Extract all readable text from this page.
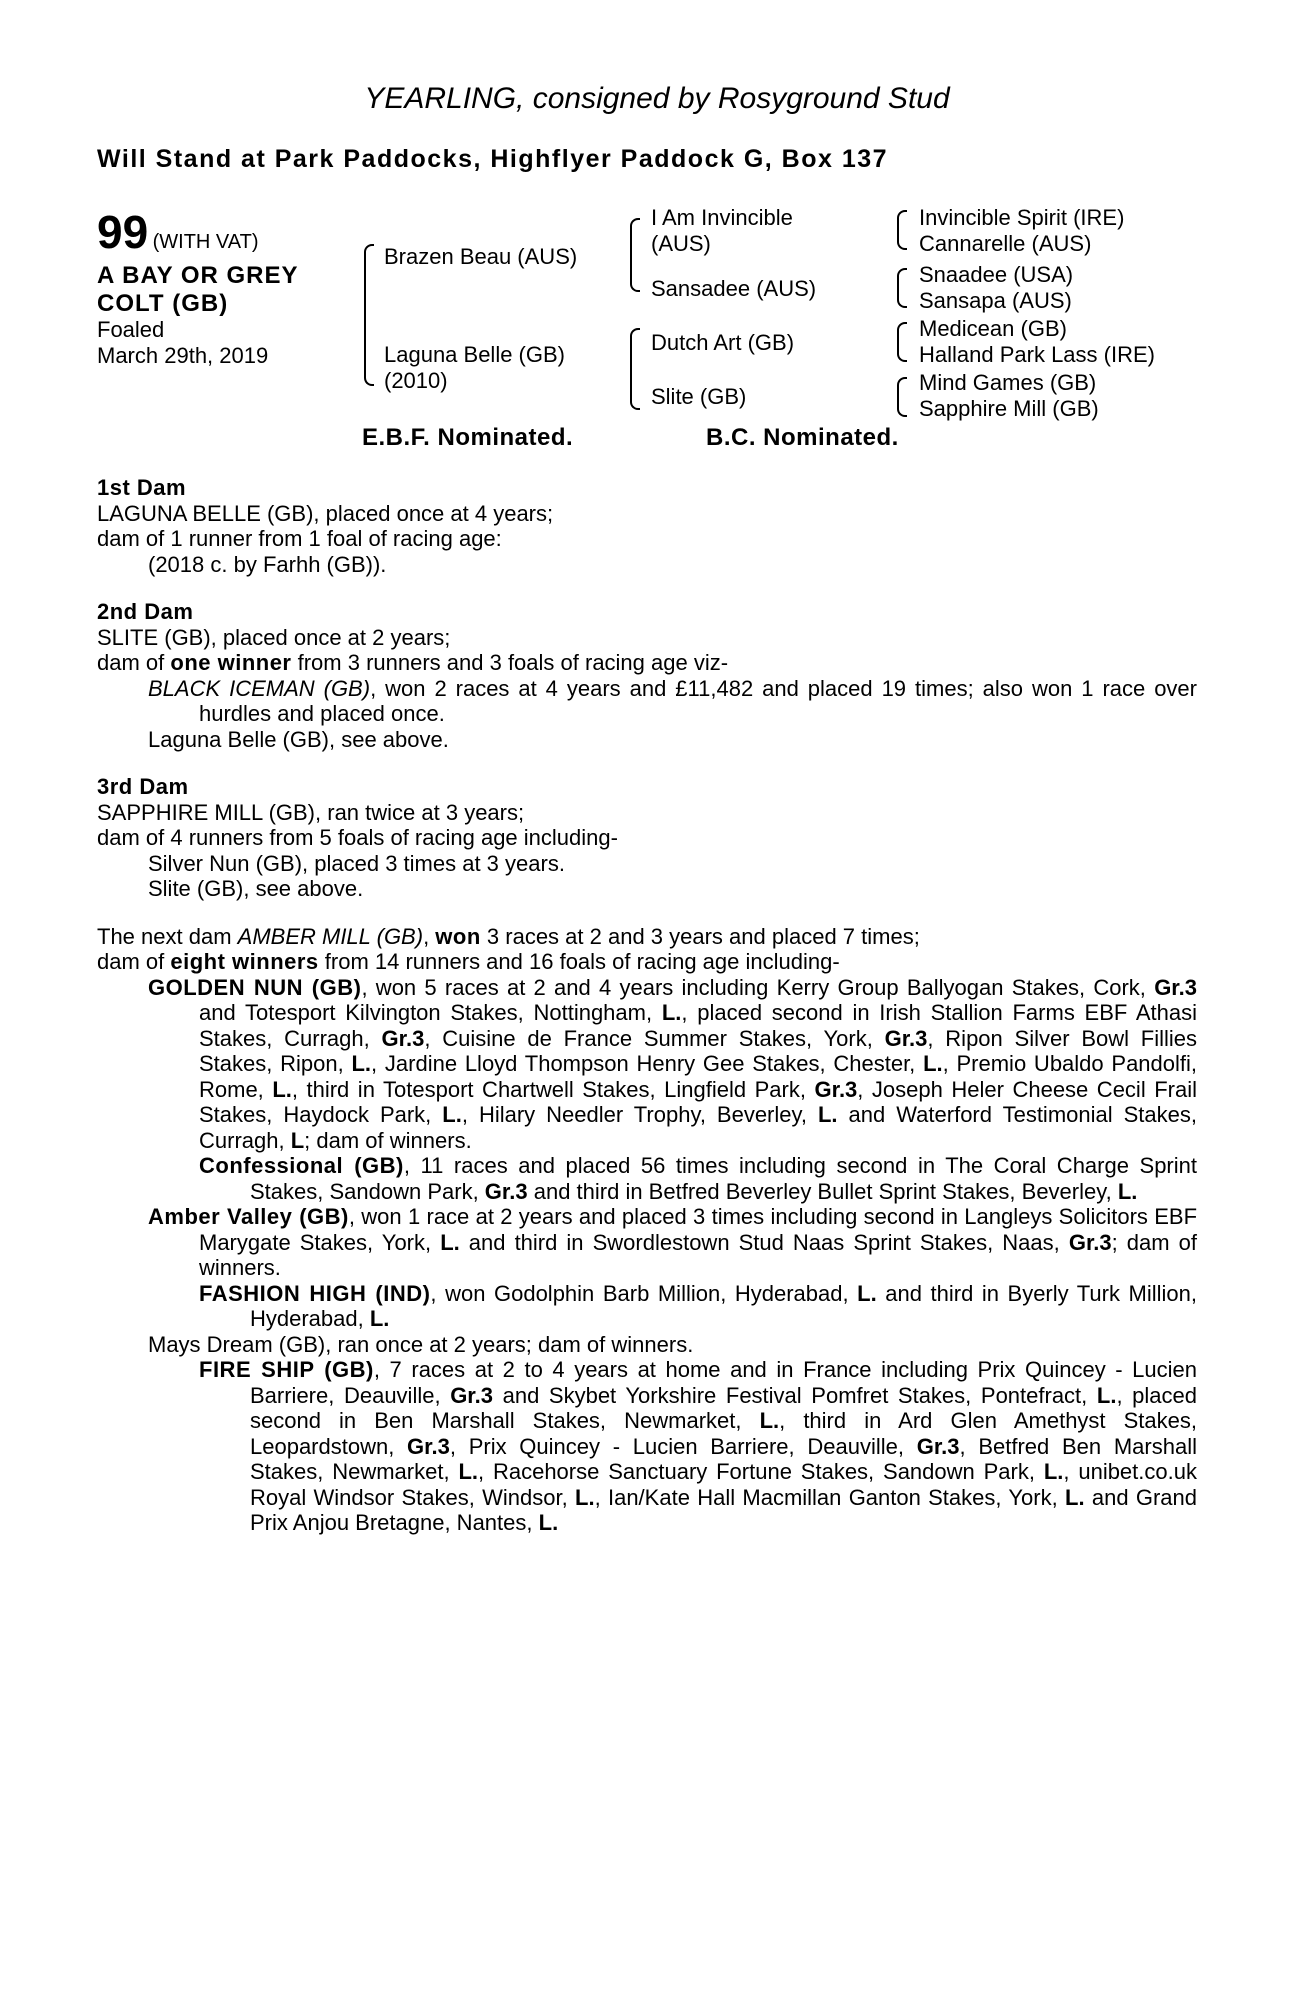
YEARLING, consigned by Rosyground Stud
Will Stand at Park Paddocks, Highflyer Paddock G, Box 137
99 (WITH VAT)
A BAY OR GREY
COLT (GB)
Foaled
March 29th, 2019
Brazen Beau (AUS)
Laguna Belle (GB)
(2010)
I Am Invincible
(AUS)
Sansadee (AUS)
Dutch Art (GB)
Slite (GB)
Invincible Spirit (IRE)
Cannarelle (AUS)
Snaadee (USA)
Sansapa (AUS)
Medicean (GB)
Halland Park Lass (IRE)
Mind Games (GB)
Sapphire Mill (GB)
E.B.F. Nominated.	B.C. Nominated.
1st Dam
LAGUNA BELLE (GB), placed once at 4 years;
dam of 1 runner from 1 foal of racing age:
(2018 c. by Farhh (GB)).
2nd Dam
SLITE (GB), placed once at 2 years;
dam of one winner from 3 runners and 3 foals of racing age viz-
BLACK ICEMAN (GB), won 2 races at 4 years and £11,482 and placed 19 times; also won 1 race over hurdles and placed once.
Laguna Belle (GB), see above.
3rd Dam
SAPPHIRE MILL (GB), ran twice at 3 years;
dam of 4 runners from 5 foals of racing age including-
Silver Nun (GB), placed 3 times at 3 years.
Slite (GB), see above.
The next dam AMBER MILL (GB), won 3 races at 2 and 3 years and placed 7 times;
dam of eight winners from 14 runners and 16 foals of racing age including-
GOLDEN NUN (GB), won 5 races at 2 and 4 years including Kerry Group Ballyogan Stakes, Cork, Gr.3 and Totesport Kilvington Stakes, Nottingham, L., placed second in Irish Stallion Farms EBF Athasi Stakes, Curragh, Gr.3, Cuisine de France Summer Stakes, York, Gr.3, Ripon Silver Bowl Fillies Stakes, Ripon, L., Jardine Lloyd Thompson Henry Gee Stakes, Chester, L., Premio Ubaldo Pandolfi, Rome, L., third in Totesport Chartwell Stakes, Lingfield Park, Gr.3, Joseph Heler Cheese Cecil Frail Stakes, Haydock Park, L., Hilary Needler Trophy, Beverley, L. and Waterford Testimonial Stakes, Curragh, L; dam of winners.
Confessional (GB), 11 races and placed 56 times including second in The Coral Charge Sprint Stakes, Sandown Park, Gr.3 and third in Betfred Beverley Bullet Sprint Stakes, Beverley, L.
Amber Valley (GB), won 1 race at 2 years and placed 3 times including second in Langleys Solicitors EBF Marygate Stakes, York, L. and third in Swordlestown Stud Naas Sprint Stakes, Naas, Gr.3; dam of winners.
FASHION HIGH (IND), won Godolphin Barb Million, Hyderabad, L. and third in Byerly Turk Million, Hyderabad, L.
Mays Dream (GB), ran once at 2 years; dam of winners.
FIRE SHIP (GB), 7 races at 2 to 4 years at home and in France including Prix Quincey - Lucien Barriere, Deauville, Gr.3 and Skybet Yorkshire Festival Pomfret Stakes, Pontefract, L., placed second in Ben Marshall Stakes, Newmarket, L., third in Ard Glen Amethyst Stakes, Leopardstown, Gr.3, Prix Quincey - Lucien Barriere, Deauville, Gr.3, Betfred Ben Marshall Stakes, Newmarket, L., Racehorse Sanctuary Fortune Stakes, Sandown Park, L., unibet.co.uk Royal Windsor Stakes, Windsor, L., Ian/Kate Hall Macmillan Ganton Stakes, York, L. and Grand Prix Anjou Bretagne, Nantes, L.
